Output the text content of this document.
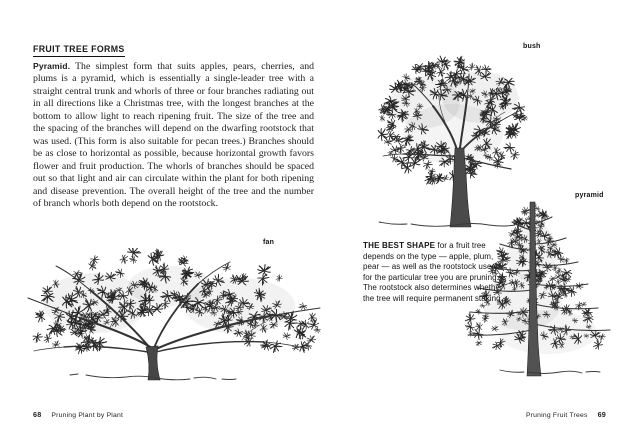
FRUIT TREE FORMS

Pyramid. The simplest form that suits apples, pears, cherries, and plums is a pyramid, which is essentially a single-leader tree with a straight central trunk and whorls of three or four branches radiating out in all directions like a Christmas tree, with the longest branches at the bottom to allow light to reach ripening fruit. The size of the tree and the spacing of the branches will depend on the dwarfing rootstock that was used. (This form is also suitable for pecan trees.) Branches should be as close to horizontal as possible, because horizontal growth favors flower and fruit production. The whorls of branches should be spaced out so that light and air can circulate within the plant for both ripening and disease prevention. The overall height of the tree and the number of branch whorls both depend on the rootstock.

fan
68 Pruning Plant by Plant
bush
pyramid

THE BEST SHAPE for a fruit tree depends on the type — apple, plum, pear — as well as the rootstock used for the particular tree you are pruning. The rootstock also determines whether the tree will require permanent staking.

Pruning Fruit Trees 69
